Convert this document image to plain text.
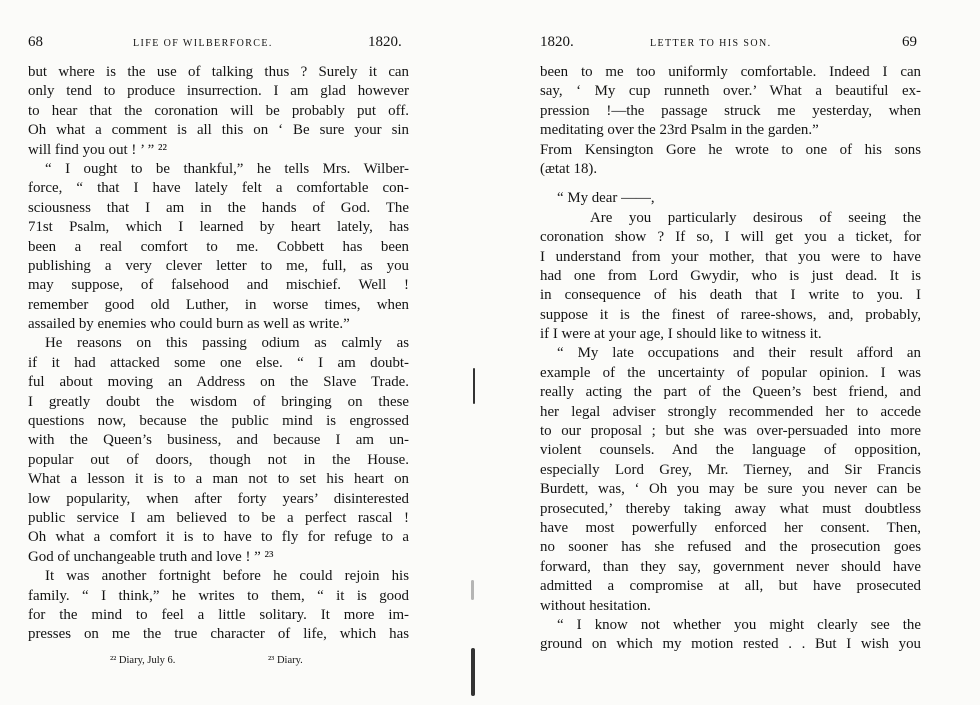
68	LIFE OF WILBERFORCE.	1820.
but where is the use of talking thus ? Surely it can
only tend to produce insurrection. I am glad however
to hear that the coronation will be probably put off.
Oh what a comment is all this on ‘ Be sure your sin
will find you out ! ’ ” ²²
“ I ought to be thankful,” he tells Mrs. Wilber-
force, “ that I have lately felt a comfortable con-
sciousness that I am in the hands of God. The
71st Psalm, which I learned by heart lately, has
been a real comfort to me. Cobbett has been
publishing a very clever letter to me, full, as you
may suppose, of falsehood and mischief. Well !
remember good old Luther, in worse times, when
assailed by enemies who could burn as well as write.”
He reasons on this passing odium as calmly as
if it had attacked some one else. “ I am doubt-
ful about moving an Address on the Slave Trade.
I greatly doubt the wisdom of bringing on these
questions now, because the public mind is engrossed
with the Queen’s business, and because I am un-
popular out of doors, though not in the House.
What a lesson it is to a man not to set his heart on
low popularity, when after forty years’ disinterested
public service I am believed to be a perfect rascal !
Oh what a comfort it is to have to fly for refuge to a
God of unchangeable truth and love ! ” ²³
It was another fortnight before he could rejoin his
family. “ I think,” he writes to them, “ it is good
for the mind to feel a little solitary. It more im-
presses on me the true character of life, which has
²² Diary, July 6.	²³ Diary.
1820.	LETTER TO HIS SON.	69
been to me too uniformly comfortable. Indeed I can
say, ‘ My cup runneth over.’ What a beautiful ex-
pression !—the passage struck me yesterday, when
meditating over the 23rd Psalm in the garden.”
From Kensington Gore he wrote to one of his sons
(ætat 18).
“ My dear ——,
Are you particularly desirous of seeing the
coronation show ? If so, I will get you a ticket, for
I understand from your mother, that you were to have
had one from Lord Gwydir, who is just dead. It is
in consequence of his death that I write to you. I
suppose it is the finest of raree-shows, and, probably,
if I were at your age, I should like to witness it.
“ My late occupations and their result afford an
example of the uncertainty of popular opinion. I was
really acting the part of the Queen’s best friend, and
her legal adviser strongly recommended her to accede
to our proposal ; but she was over-persuaded into more
violent counsels. And the language of opposition,
especially Lord Grey, Mr. Tierney, and Sir Francis
Burdett, was, ‘ Oh you may be sure you never can be
prosecuted,’ thereby taking away what must doubtless
have most powerfully enforced her consent. Then,
no sooner has she refused and the prosecution goes
forward, than they say, government never should have
admitted a compromise at all, but have prosecuted
without hesitation.
“ I know not whether you might clearly see the
ground on which my motion rested . . But I wish you
